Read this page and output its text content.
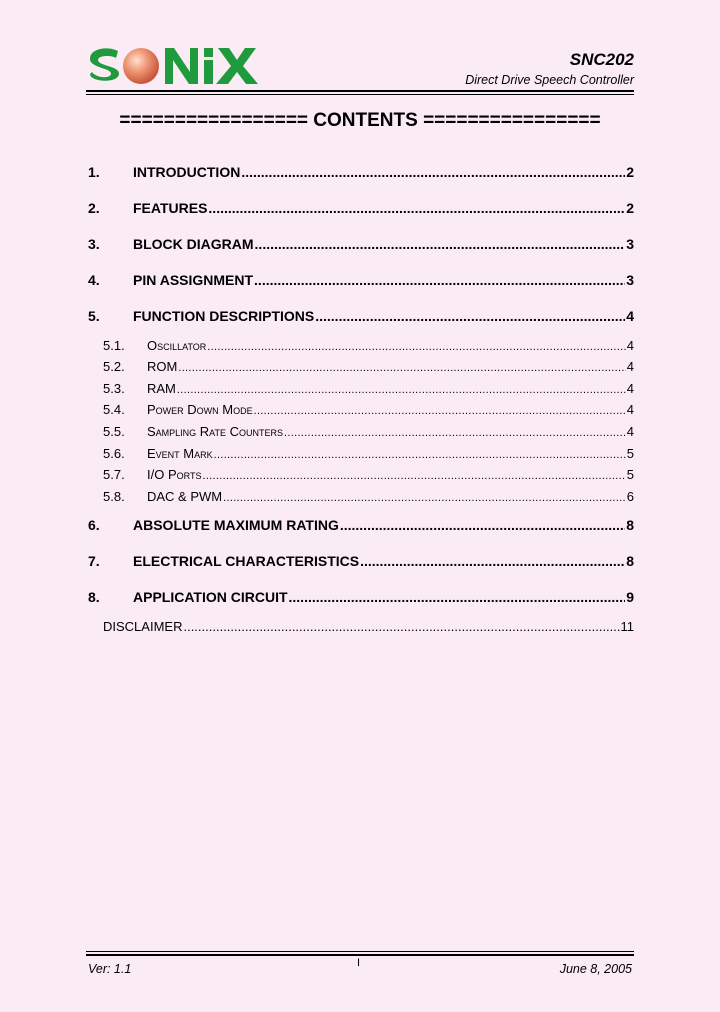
SNC202
Direct Drive Speech Controller
================= CONTENTS ================
1.	INTRODUCTION .....	2
2.	FEATURES .....	2
3.	BLOCK DIAGRAM .....	3
4.	PIN ASSIGNMENT .....	3
5.	FUNCTION DESCRIPTIONS .....	4
5.1.	Oscillator .....	4
5.2.	ROM .....	4
5.3.	RAM .....	4
5.4.	Power Down Mode .....	4
5.5.	Sampling Rate Counters .....	4
5.6.	Event Mark .....	5
5.7.	I/O Ports .....	5
5.8.	DAC & PWM .....	6
6.	ABSOLUTE MAXIMUM RATING .....	8
7.	ELECTRICAL CHARACTERISTICS .....	8
8.	APPLICATION CIRCUIT .....	9
DISCLAIMER .....	11
Ver: 1.1	I	June 8, 2005
